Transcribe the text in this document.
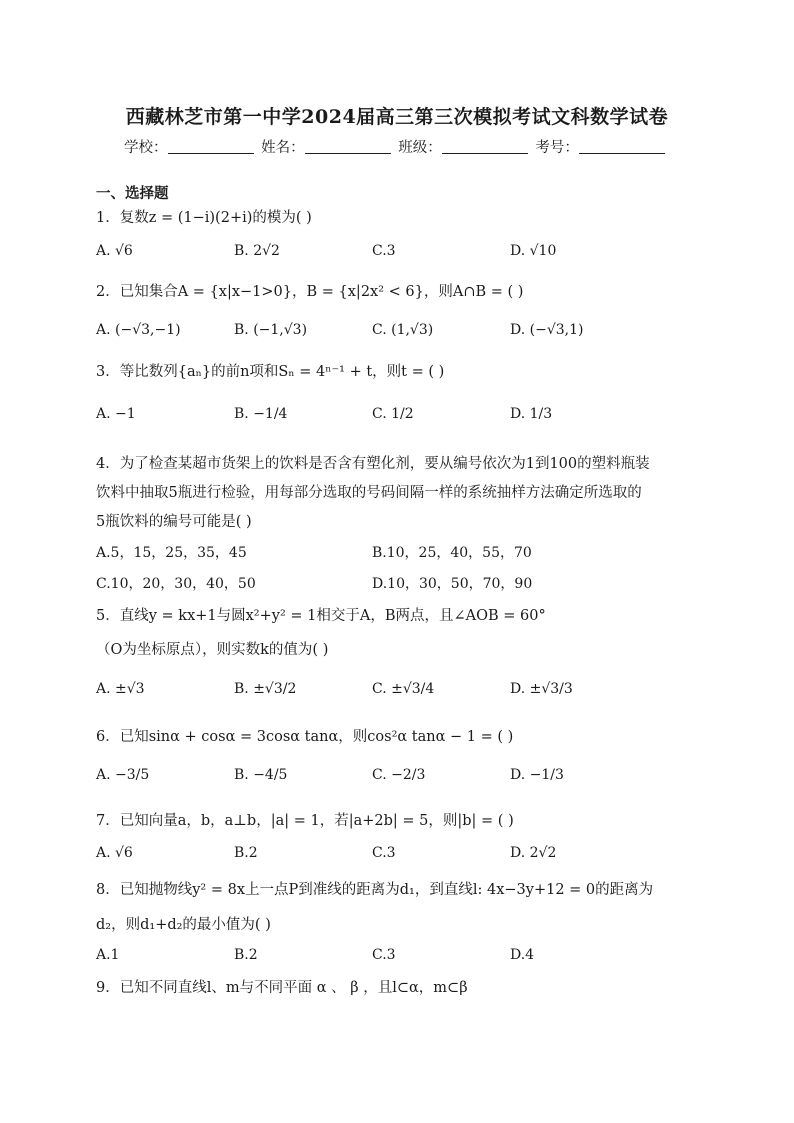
西藏林芝市第一中学2024届高三第三次模拟考试文科数学试卷
学校：	姓名：	班级：	考号：
一、选择题
1．复数z = (1−i)(2+i)的模为( )
A. √6	B. 2√2	C.3	D. √10
2．已知集合A = {x|x−1>0}，B = {x|2x² < 6}，则A∩B = ( )
A. (−√3,−1)	B. (−1,√3)	C. (1,√3)	D. (−√3,1)
3．等比数列{aₙ}的前n项和Sₙ = 4ⁿ⁻¹ + t，则t = ( )
A. −1	B. −1/4	C. 1/2	D. 1/3
4．为了检查某超市货架上的饮料是否含有塑化剂，要从编号依次为1到100的塑料瓶装
饮料中抽取5瓶进行检验，用每部分选取的号码间隔一样的系统抽样方法确定所选取的
5瓶饮料的编号可能是( )
A.5，15，25，35，45	B.10，25，40，55，70
C.10，20，30，40，50	D.10，30，50，70，90
5．直线y = kx+1与圆x²+y² = 1相交于A，B两点，且∠AOB = 60°
（O为坐标原点），则实数k的值为( )
A. ±√3	B. ±√3/2	C. ±√3/4	D. ±√3/3
6．已知sinα + cosα = 3cosα tanα，则cos²α tanα − 1 = ( )
A. −3/5	B. −4/5	C. −2/3	D. −1/3
7．已知向量a，b，a⊥b，|a| = 1，若|a+2b| = 5，则|b| = ( )
A. √6	B.2	C.3	D. 2√2
8．已知抛物线y² = 8x上一点P到准线的距离为d₁，到直线l: 4x−3y+12 = 0的距离为
d₂，则d₁+d₂的最小值为( )
A.1	B.2	C.3	D.4
9．已知不同直线l、m与不同平面 α 、 β ，且l⊂α，m⊂β
